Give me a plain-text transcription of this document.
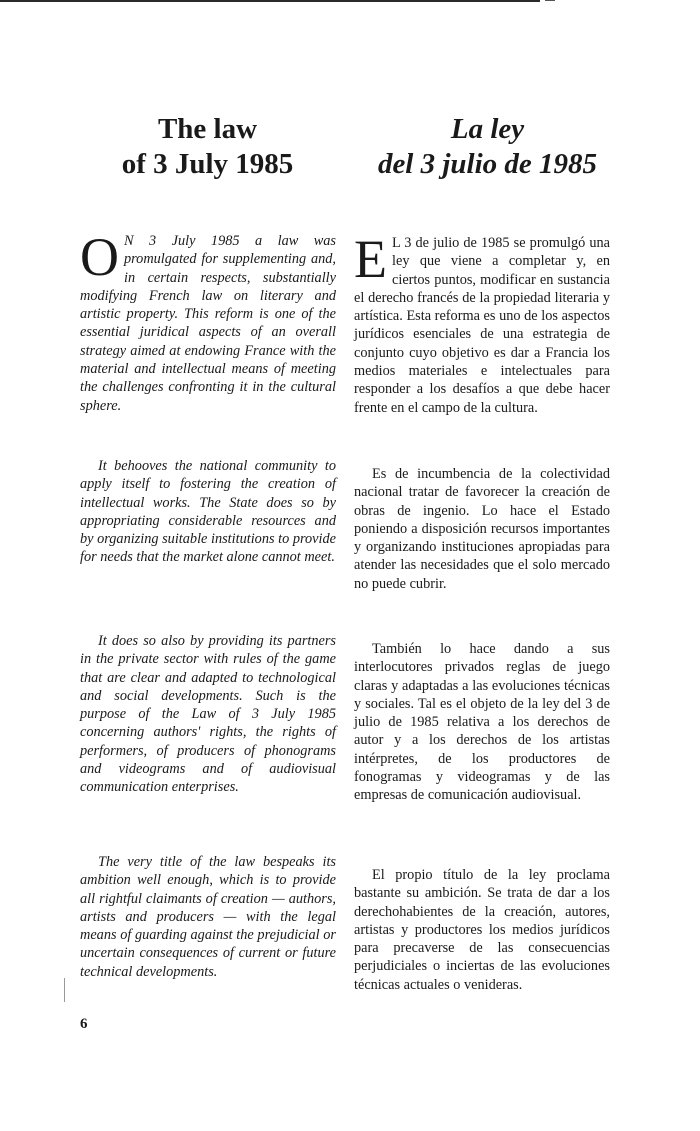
The law
of 3 July 1985
La ley
del 3 julio de 1985

O N 3 July 1985 a law was promulgated for supplementing and, in certain respects, substantially modifying French law on literary and artistic property. This reform is one of the essential juridical aspects of an overall strategy aimed at endowing France with the material and intellectual means of meeting the challenges confronting it in the cultural sphere.

It behooves the national community to apply itself to fostering the creation of intellectual works. The State does so by appropriating considerable resources and by organizing suitable institutions to provide for needs that the market alone cannot meet.

It does so also by providing its partners in the private sector with rules of the game that are clear and adapted to technological and social developments. Such is the purpose of the Law of 3 July 1985 concerning authors' rights, the rights of performers, of producers of phonograms and videograms and of audiovisual communication enterprises.

The very title of the law bespeaks its ambition well enough, which is to provide all rightful claimants of creation — authors, artists and producers — with the legal means of guarding against the prejudicial or uncertain consequences of current or future technical developments.

E L 3 de julio de 1985 se promulgó una ley que viene a completar y, en ciertos puntos, modificar en sustancia el derecho francés de la propiedad literaria y artística. Esta reforma es uno de los aspectos jurídicos esenciales de una estrategia de conjunto cuyo objetivo es dar a Francia los medios materiales e intelectuales para responder a los desafíos a que debe hacer frente en el campo de la cultura.

Es de incumbencia de la colectividad nacional tratar de favorecer la creación de obras de ingenio. Lo hace el Estado poniendo a disposición recursos importantes y organizando instituciones apropiadas para atender las necesidades que el solo mercado no puede cubrir.

También lo hace dando a sus interlocutores privados reglas de juego claras y adaptadas a las evoluciones técnicas y sociales. Tal es el objeto de la ley del 3 de julio de 1985 relativa a los derechos de autor y a los derechos de los artistas intérpretes, de los productores de fonogramas y videogramas y de las empresas de comunicación audiovisual.

El propio título de la ley proclama bastante su ambición. Se trata de dar a los derechohabientes de la creación, autores, artistas y productores los medios jurídicos para precaverse de las consecuencias perjudiciales o inciertas de las evoluciones técnicas actuales o venideras.

6
